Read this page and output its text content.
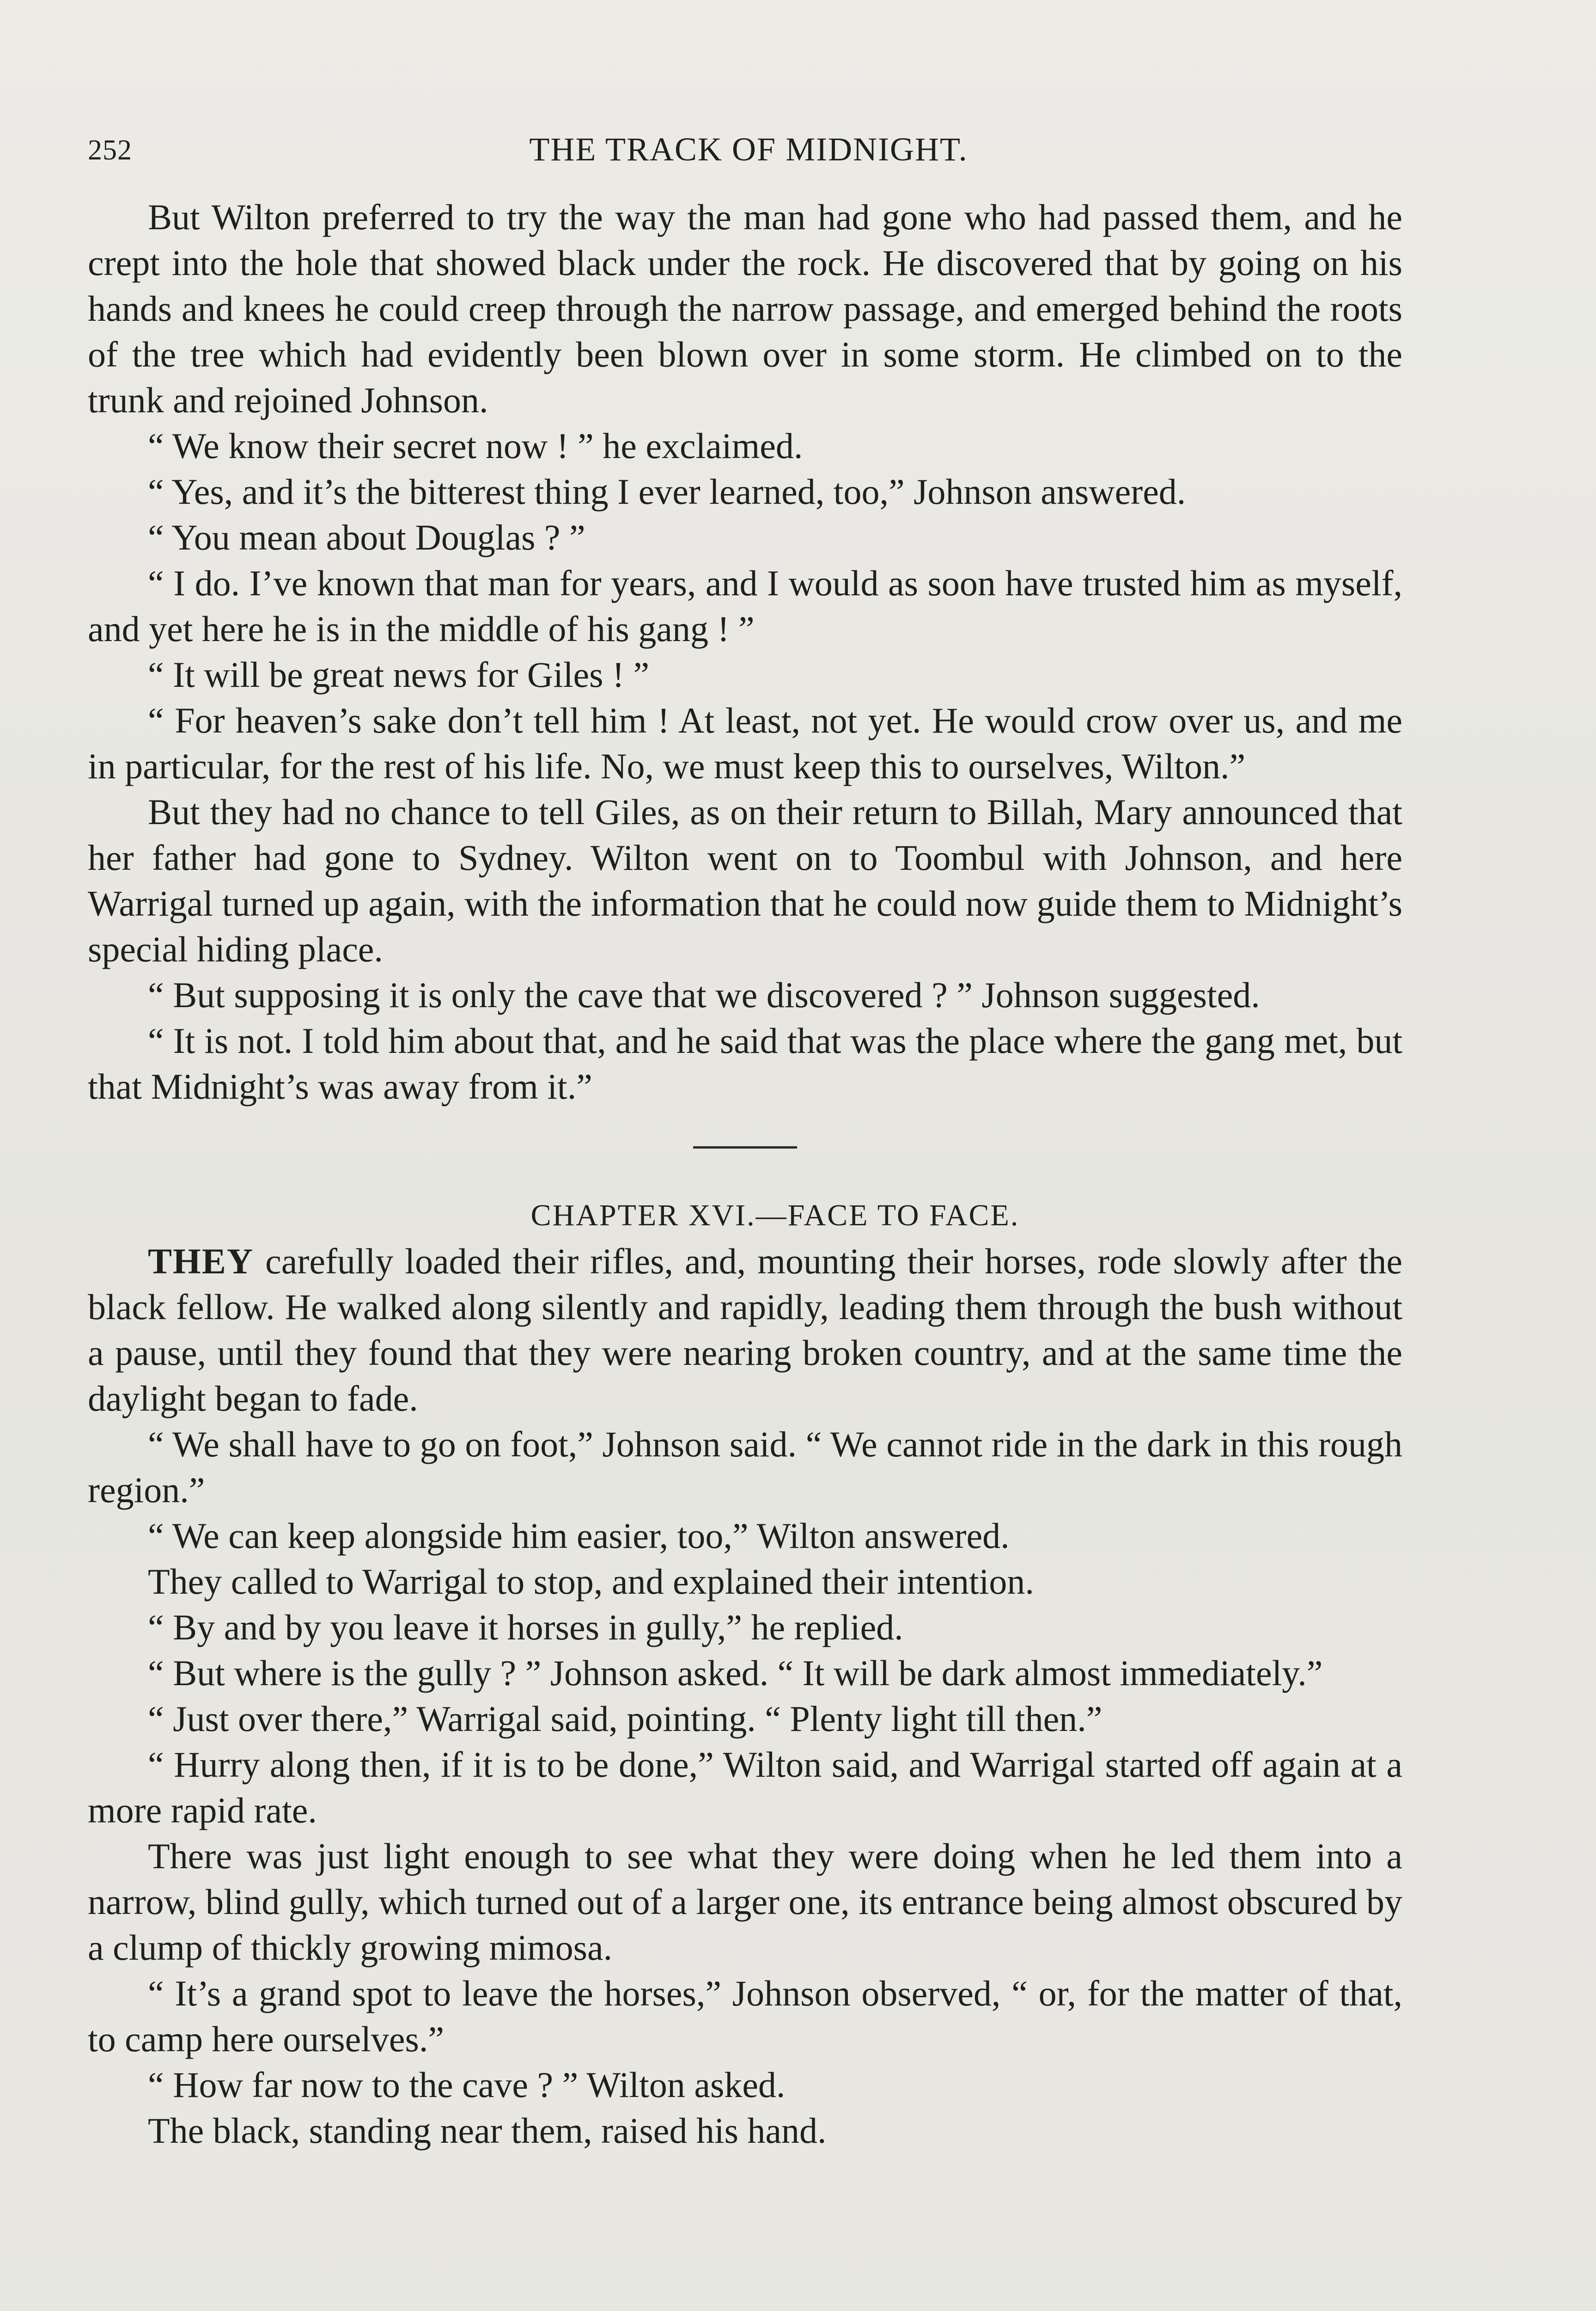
252	THE TRACK OF MIDNIGHT.

But Wilton preferred to try the way the man had gone who had passed them, and he crept into the hole that showed black under the rock. He discovered that by going on his hands and knees he could creep through the narrow passage, and emerged behind the roots of the tree which had evidently been blown over in some storm. He climbed on to the trunk and rejoined Johnson.

“ We know their secret now ! ” he exclaimed.

“ Yes, and it’s the bitterest thing I ever learned, too,” Johnson answered.

“ You mean about Douglas ? ”

“ I do. I’ve known that man for years, and I would as soon have trusted him as myself, and yet here he is in the middle of his gang ! ”

“ It will be great news for Giles ! ”

“ For heaven’s sake don’t tell him ! At least, not yet. He would crow over us, and me in particular, for the rest of his life. No, we must keep this to ourselves, Wilton.”

But they had no chance to tell Giles, as on their return to Billah, Mary announced that her father had gone to Sydney. Wilton went on to Toombul with Johnson, and here Warrigal turned up again, with the information that he could now guide them to Midnight’s special hiding place.

“ But supposing it is only the cave that we discovered ? ” Johnson suggested.

“ It is not. I told him about that, and he said that was the place where the gang met, but that Midnight’s was away from it.”

CHAPTER XVI.—FACE TO FACE.

THEY carefully loaded their rifles, and, mounting their horses, rode slowly after the black fellow. He walked along silently and rapidly, leading them through the bush without a pause, until they found that they were nearing broken country, and at the same time the daylight began to fade.

“ We shall have to go on foot,” Johnson said. “ We cannot ride in the dark in this rough region.”

“ We can keep alongside him easier, too,” Wilton answered.

They called to Warrigal to stop, and explained their intention.

“ By and by you leave it horses in gully,” he replied.

“ But where is the gully ? ” Johnson asked. “ It will be dark almost immediately.”

“ Just over there,” Warrigal said, pointing. “ Plenty light till then.”

“ Hurry along then, if it is to be done,” Wilton said, and Warrigal started off again at a more rapid rate.

There was just light enough to see what they were doing when he led them into a narrow, blind gully, which turned out of a larger one, its entrance being almost obscured by a clump of thickly growing mimosa.

“ It’s a grand spot to leave the horses,” Johnson observed, “ or, for the matter of that, to camp here ourselves.”

“ How far now to the cave ? ” Wilton asked.

The black, standing near them, raised his hand.
